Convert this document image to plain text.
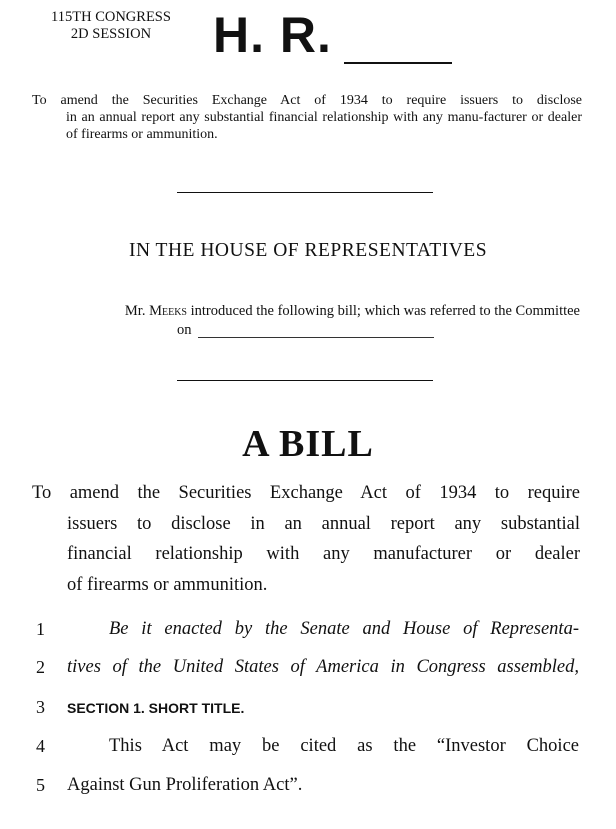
115TH CONGRESS
2D SESSION	H. R.
To amend the Securities Exchange Act of 1934 to require issuers to disclose
in an annual report any substantial financial relationship with any manu-facturer or dealer of firearms or ammunition.
IN THE HOUSE OF REPRESENTATIVES
Mr. Meeks introduced the following bill; which was referred to the Committee
on
A BILL
To amend the Securities Exchange Act of 1934 to require
issuers to disclose in an annual report any substantial
financial relationship with any manufacturer or dealer
of firearms or ammunition.
1	Be it enacted by the Senate and House of Representa-
2	tives of the United States of America in Congress assembled,
3	SECTION 1. SHORT TITLE.
4	This Act may be cited as the “Investor Choice
5	Against Gun Proliferation Act”.
